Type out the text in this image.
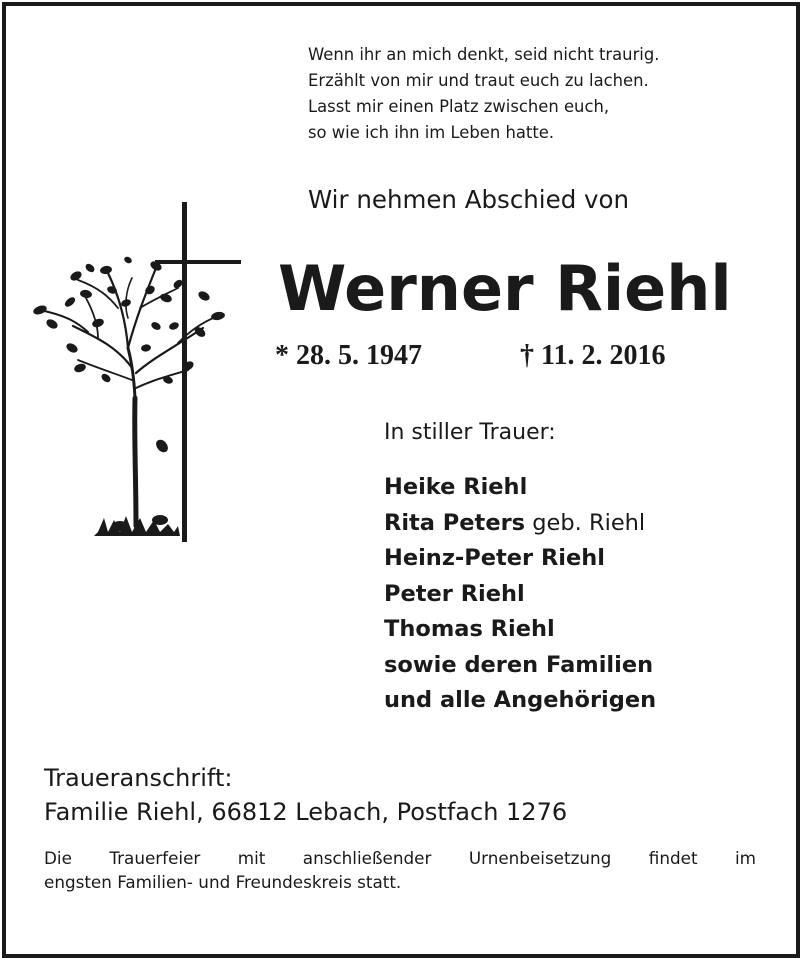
Wenn ihr an mich denkt, seid nicht traurig.
Erzählt von mir und traut euch zu lachen.
Lasst mir einen Platz zwischen euch,
so wie ich ihn im Leben hatte.
Wir nehmen Abschied von
Werner Riehl
* 28. 5. 1947	† 11. 2. 2016
In stiller Trauer:
Heike Riehl
Rita Peters geb. Riehl
Heinz-Peter Riehl
Peter Riehl
Thomas Riehl
sowie deren Familien
und alle Angehörigen
Traueranschrift:
Familie Riehl, 66812 Lebach, Postfach 1276
Die Trauerfeier mit anschließender Urnenbeisetzung findet im
engsten Familien- und Freundeskreis statt.
